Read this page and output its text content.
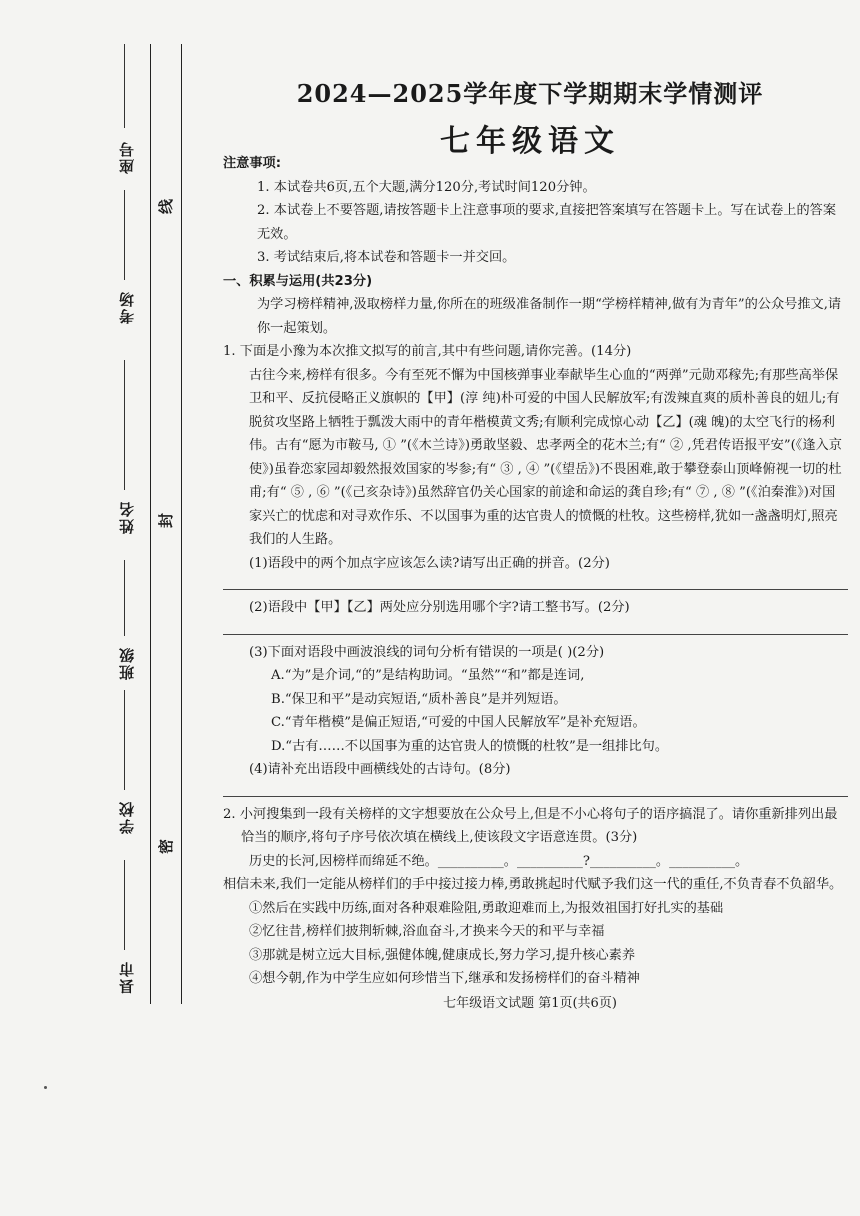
座号
考场
姓名
班级
学校
县市
线
封
密
2024—2025学年度下学期期末学情测评
七年级语文

注意事项:

1. 本试卷共6页,五个大题,满分120分,考试时间120分钟。

2. 本试卷上不要答题,请按答题卡上注意事项的要求,直接把答案填写在答题卡上。写在试卷上的答案无效。

3. 考试结束后,将本试卷和答题卡一并交回。

一、积累与运用(共23分)

为学习榜样精神,汲取榜样力量,你所在的班级准备制作一期“学榜样精神,做有为青年”的公众号推文,请你一起策划。

1. 下面是小豫为本次推文拟写的前言,其中有些问题,请你完善。(14分)

古往今来,榜样有很多。今有至死不懈为中国核弹事业奉献毕生心血的“两弹”元勋邓稼先;有那些高举保卫和平、反抗侵略正义旗帜的【甲】(淳 纯)朴可爱的中国人民解放军;有泼辣直爽的质朴善良的妞儿;有脱贫攻坚路上牺牲于瓢泼大雨中的青年楷模黄文秀;有顺利完成惊心动【乙】(魂 魄)的太空飞行的杨利伟。古有“愿为市鞍马, ① ”(《木兰诗》)勇敢坚毅、忠孝两全的花木兰;有“ ② ,凭君传语报平安”(《逢入京使》)虽眷恋家园却毅然报效国家的岑参;有“ ③ , ④ ”(《望岳》)不畏困难,敢于攀登泰山顶峰俯视一切的杜甫;有“ ⑤ , ⑥ ”(《己亥杂诗》)虽然辞官仍关心国家的前途和命运的龚自珍;有“ ⑦ , ⑧ ”(《泊秦淮》)对国家兴亡的忧虑和对寻欢作乐、不以国事为重的达官贵人的愤慨的杜牧。这些榜样,犹如一盏盏明灯,照亮我们的人生路。

(1)语段中的两个加点字应该怎么读?请写出正确的拼音。(2分)

(2)语段中【甲】【乙】两处应分别选用哪个字?请工整书写。(2分)

(3)下面对语段中画波浪线的词句分析有错误的一项是( )(2分)

A.“为”是介词,“的”是结构助词。“虽然”“和”都是连词,

B.“保卫和平”是动宾短语,“质朴善良”是并列短语。

C.“青年楷模”是偏正短语,“可爱的中国人民解放军”是补充短语。

D.“古有……不以国事为重的达官贵人的愤慨的杜牧”是一组排比句。

(4)请补充出语段中画横线处的古诗句。(8分)

2. 小河搜集到一段有关榜样的文字想要放在公众号上,但是不小心将句子的语序搞混了。请你重新排列出最恰当的顺序,将句子序号依次填在横线上,使该段文字语意连贯。(3分)

历史的长河,因榜样而绵延不绝。__________。__________?__________。__________。

相信未来,我们一定能从榜样们的手中接过接力棒,勇敢挑起时代赋予我们这一代的重任,不负青春不负韶华。

①然后在实践中历练,面对各种艰难险阻,勇敢迎难而上,为报效祖国打好扎实的基础

②忆往昔,榜样们披荆斩棘,浴血奋斗,才换来今天的和平与幸福

③那就是树立远大目标,强健体魄,健康成长,努力学习,提升核心素养

④想今朝,作为中学生应如何珍惜当下,继承和发扬榜样们的奋斗精神

七年级语文试题 第1页(共6页)
